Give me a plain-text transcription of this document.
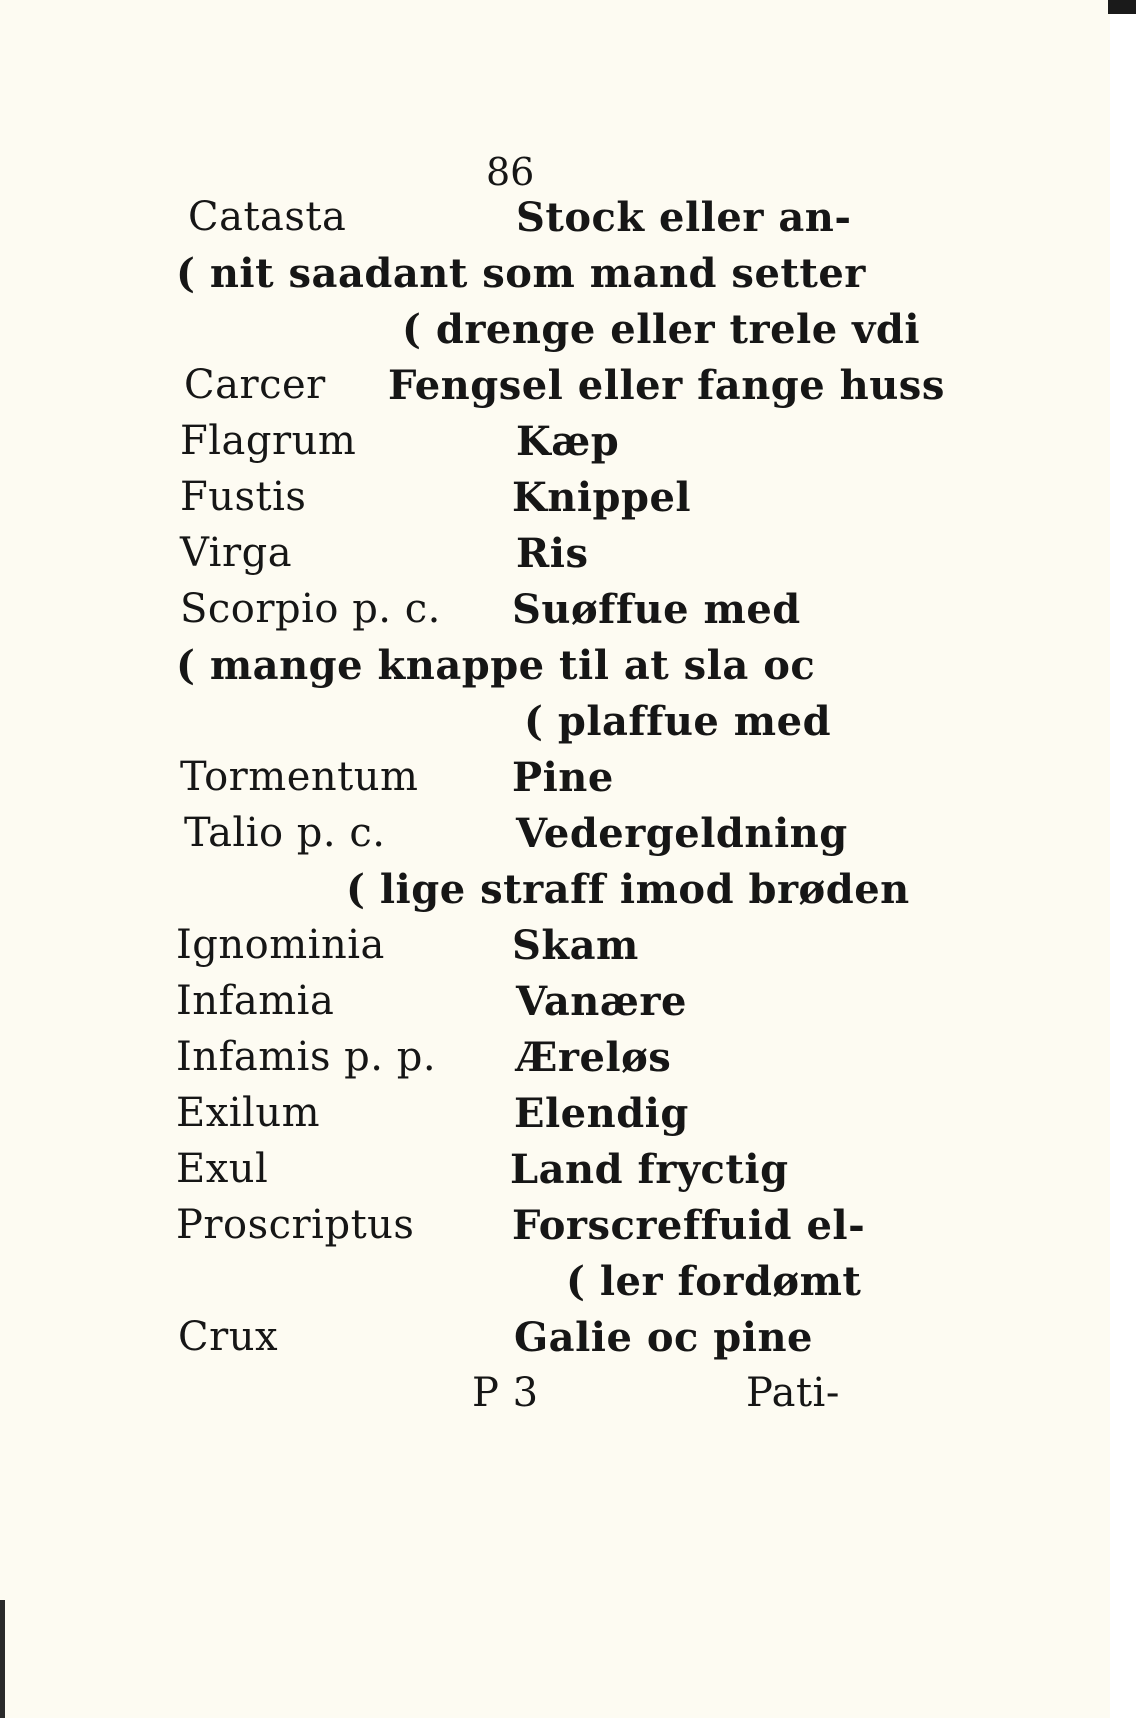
86
Catasta	Stock eller an-
( nit saadant som mand setter
( drenge eller trele vdi
Carcer Fengsel eller fange huss
Flagrum	Kæp
Fustis	Knippel
Virga	Ris
Scorpio p. c. Suøffue med
( mange knappe til at sla oc
( plaffue med
Tormentum Pine
Talio p. c.	Vedergeldning
( lige straff imod brøden
Ignominia	Skam
Infamia	Vanære
Infamis p. p. Æreløs
Exilum	Elendig
Exul	Land fryctig
Proscriptus Forscreffuid el-
( ler fordømt
Crux	Galie oc pine
P 3	Pati-
